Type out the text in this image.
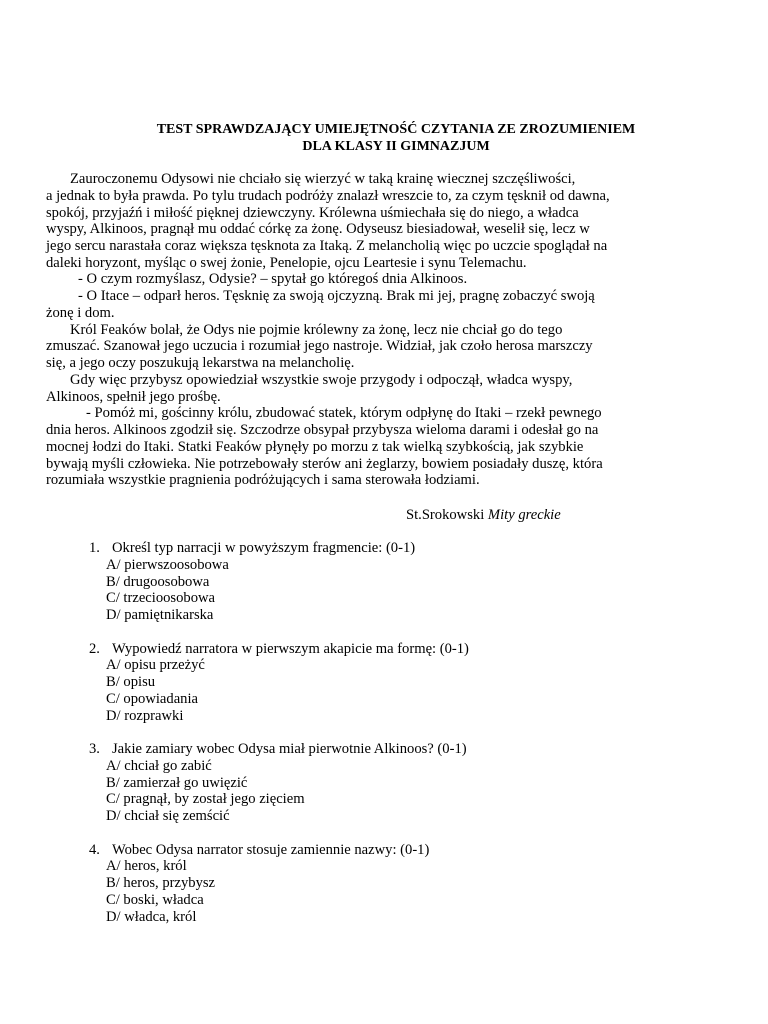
TEST SPRAWDZAJĄCY UMIEJĘTNOŚĆ CZYTANIA ZE ZROZUMIENIEM
DLA KLASY II GIMNAZJUM
Zauroczonemu Odysowi nie chciało się wierzyć w taką krainę wiecznej szczęśliwości,
a jednak to była prawda. Po tylu trudach podróży znalazł wreszcie to, za czym tęsknił od dawna,
spokój, przyjaźń i miłość pięknej dziewczyny. Królewna uśmiechała się do niego, a władca
wyspy, Alkinoos, pragnął mu oddać córkę za żonę. Odyseusz biesiadował, weselił się, lecz w
jego sercu narastała coraz większa tęsknota za Itaką. Z melancholią więc po uczcie spoglądał na
daleki horyzont, myśląc o swej żonie, Penelopie, ojcu Leartesie i synu Telemachu.
- O czym rozmyślasz, Odysie? – spytał go któregoś dnia Alkinoos.
- O Itace – odparł heros. Tęsknię za swoją ojczyzną. Brak mi jej, pragnę zobaczyć swoją
żonę i dom.
Król Feaków bolał, że Odys nie pojmie królewny za żonę, lecz nie chciał go do tego
zmuszać. Szanował jego uczucia i rozumiał jego nastroje. Widział, jak czoło herosa marszczy
się, a jego oczy poszukują lekarstwa na melancholię.
Gdy więc przybysz opowiedział wszystkie swoje przygody i odpoczął, władca wyspy,
Alkinoos, spełnił jego prośbę.
- Pomóż mi, gościnny królu, zbudować statek, którym odpłynę do Itaki – rzekł pewnego
dnia heros. Alkinoos zgodził się. Szczodrze obsypał przybysza wieloma darami i odesłał go na
mocnej łodzi do Itaki. Statki Feaków płynęły po morzu z tak wielką szybkością, jak szybkie
bywają myśli człowieka. Nie potrzebowały sterów ani żeglarzy, bowiem posiadały duszę, która
rozumiała wszystkie pragnienia podróżujących i sama sterowała łodziami.
St.Srokowski Mity greckie
1. Określ typ narracji w powyższym fragmencie: (0-1)
A/ pierwszoosobowa
B/ drugoosobowa
C/ trzecioosobowa
D/ pamiętnikarska
2. Wypowiedź narratora w pierwszym akapicie ma formę: (0-1)
A/ opisu przeżyć
B/ opisu
C/ opowiadania
D/ rozprawki
3. Jakie zamiary wobec Odysa miał pierwotnie Alkinoos? (0-1)
A/ chciał go zabić
B/ zamierzał go uwięzić
C/ pragnął, by został jego zięciem
D/ chciał się zemścić
4. Wobec Odysa narrator stosuje zamiennie nazwy: (0-1)
A/ heros, król
B/ heros, przybysz
C/ boski, władca
D/ władca, król
